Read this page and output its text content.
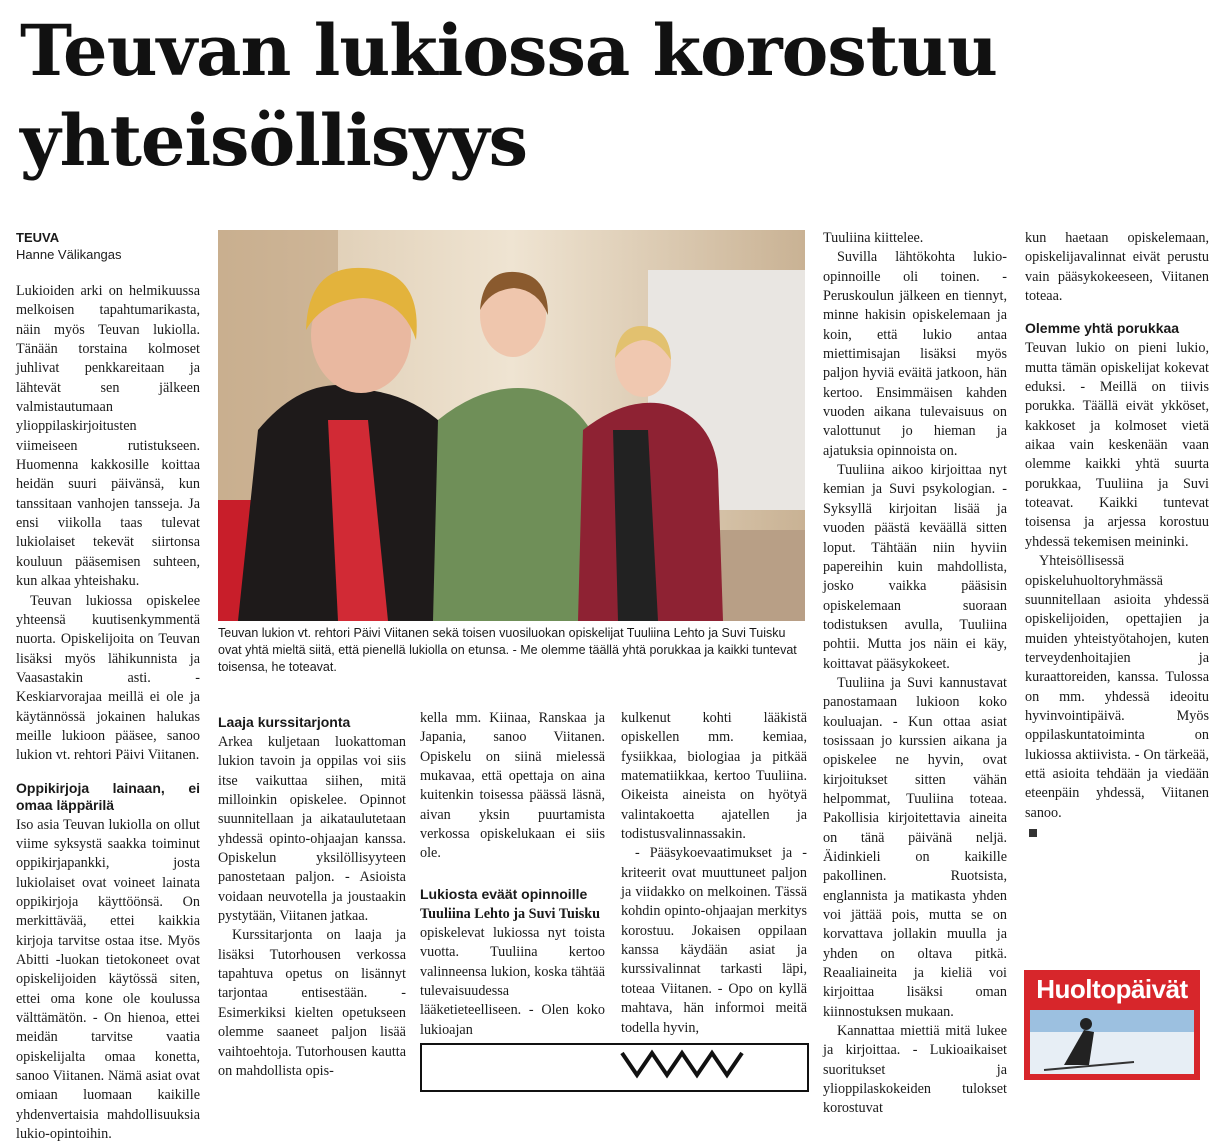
Teuvan lukiossa korostuu
yhteisöllisyys
TEUVA
Hanne Välikangas

Lukioiden arki on helmikuussa melkoisen tapahtumarikasta, näin myös Teuvan lukiolla. Tänään torstaina kolmoset juhlivat penkkareitaan ja lähtevät sen jälkeen valmistautumaan ylioppilaskirjoitusten viimeiseen rutistukseen. Huomenna kakkosille koittaa heidän suuri päivänsä, kun tanssitaan vanhojen tansseja. Ja ensi viikolla taas tulevat lukiolaiset tekevät siirtonsa kouluun pääsemisen suhteen, kun alkaa yhteishaku.

Teuvan lukiossa opiskelee yhteensä kuutisenkymmentä nuorta. Opiskelijoita on Teuvan lisäksi myös lähikunnista ja Vaasastakin asti. - Keskiarvorajaa meillä ei ole ja käytännössä jokainen halukas meille lukioon pääsee, sanoo lukion vt. rehtori Päivi Viitanen.

Oppikirjoja lainaan, ei omaa läppärilä

Iso asia Teuvan lukiolla on ollut viime syksystä saakka toiminut oppikirjapankki, josta lukiolaiset ovat voineet lainata oppikirjoja käyttöönsä. On merkittävää, ettei kaikkia kirjoja tarvitse ostaa itse. Myös Abitti -luokan tietokoneet ovat opiskelijoiden käytössä siten, ettei oma kone ole koulussa välttämätön. - On hienoa, ettei meidän tarvitse vaatia opiskelijalta omaa konetta, sanoo Viitanen. Nämä asiat ovat omiaan luomaan kaikille yhdenvertaisia mahdollisuuksia lukio-opintoihin.

Teuvan lukion vt. rehtori Päivi Viitanen sekä toisen vuosiluokan opiskelijat Tuuliina Lehto ja Suvi Tuisku ovat yhtä mieltä siitä, että pienellä lukiolla on etunsa. - Me olemme täällä yhtä porukkaa ja kaikki tuntevat toisensa, he toteavat.
Laaja kurssitarjonta

Arkea kuljetaan luokattoman lukion tavoin ja oppilas voi siis itse vaikuttaa siihen, mitä milloinkin opiskelee. Opinnot suunnitellaan ja aikataulutetaan yhdessä opinto-ohjaajan kanssa. Opiskelun yksilöllisyyteen panostetaan paljon. - Asioista voidaan neuvotella ja joustaakin pystytään, Viitanen jatkaa.

Kurssitarjonta on laaja ja lisäksi Tutorhousen verkossa tapahtuva opetus on lisännyt tarjontaa entisestään. - Esimerkiksi kielten opetukseen olemme saaneet paljon lisää vaihtoehtoja. Tutorhousen kautta on mahdollista opis-

kella mm. Kiinaa, Ranskaa ja Japania, sanoo Viitanen. Opiskelu on siinä mielessä mukavaa, että opettaja on aina kuitenkin toisessa päässä läsnä, aivan yksin puurtamista verkossa opiskelukaan ei siis ole.

Lukiosta eväät opinnoille

Tuuliina Lehto ja Suvi Tuisku

opiskelevat lukiossa nyt toista vuotta. Tuuliina kertoo valinneensa lukion, koska tähtää tulevaisuudessa lääketieteelliseen. - Olen koko lukioajan

kulkenut kohti lääkistä opiskellen mm. kemiaa, fysiikkaa, biologiaa ja pitkää matematiikkaa, kertoo Tuuliina. Oikeista aineista on hyötyä valintakoetta ajatellen ja todistusvalinnassakin.

- Pääsykoevaatimukset ja -kriteerit ovat muuttuneet paljon ja viidakko on melkoinen. Tässä kohdin opinto-ohjaajan merkitys korostuu. Jokaisen oppilaan kanssa käydään asiat ja kurssivalinnat tarkasti läpi, toteaa Viitanen. - Opo on kyllä mahtava, hän informoi meitä todella hyvin,

Tuuliina kiittelee.

Suvilla lähtökohta lukio-opinnoille oli toinen. - Peruskoulun jälkeen en tiennyt, minne hakisin opiskelemaan ja koin, että lukio antaa miettimisajan lisäksi myös paljon hyviä eväitä jatkoon, hän kertoo. Ensimmäisen kahden vuoden aikana tulevaisuus on valottunut jo hieman ja ajatuksia opinnoista on.

Tuuliina aikoo kirjoittaa nyt kemian ja Suvi psykologian. - Syksyllä kirjoitan lisää ja vuoden päästä keväällä sitten loput. Tähtään niin hyviin papereihin kuin mahdollista, josko vaikka pääsisin opiskelemaan suoraan todistuksen avulla, Tuuliina pohtii. Mutta jos näin ei käy, koittavat pääsykokeet.

Tuuliina ja Suvi kannustavat panostamaan lukioon koko kouluajan. - Kun ottaa asiat tosissaan jo kurssien aikana ja opiskelee ne hyvin, ovat kirjoitukset sitten vähän helpommat, Tuuliina toteaa. Pakollisia kirjoitettavia aineita on tänä päivänä neljä. Äidinkieli on kaikille pakollinen. Ruotsista, englannista ja matikasta yhden voi jättää pois, mutta se on korvattava jollakin muulla ja yhden on oltava pitkä. Reaaliaineita ja kieliä voi kirjoittaa lisäksi oman kiinnostuksen mukaan.

Kannattaa miettiä mitä lukee ja kirjoittaa. - Lukioaikaiset suoritukset ja ylioppilaskokeiden tulokset korostuvat

kun haetaan opiskelemaan, opiskelijavalinnat eivät perustu vain pääsykokeeseen, Viitanen toteaa.

Olemme yhtä porukkaa

Teuvan lukio on pieni lukio, mutta tämän opiskelijat kokevat eduksi. - Meillä on tiivis porukka. Täällä eivät ykköset, kakkoset ja kolmoset vietä aikaa vain keskenään vaan olemme kaikki yhtä suurta porukkaa, Tuuliina ja Suvi toteavat. Kaikki tuntevat toisensa ja arjessa korostuu yhdessä tekemisen meininki.

Yhteisöllisessä opiskeluhuoltoryhmässä suunnitellaan asioita yhdessä opiskelijoiden, opettajien ja muiden yhteistyötahojen, kuten terveydenhoitajien ja kuraattoreiden, kanssa. Tulossa on mm. yhdessä ideoitu hyvinvointipäivä. Myös oppilaskuntatoiminta on lukiossa aktiivista. - On tärkeää, että asioita tehdään ja viedään eteenpäin yhdessä, Viitanen sanoo.

Huoltopäivät
